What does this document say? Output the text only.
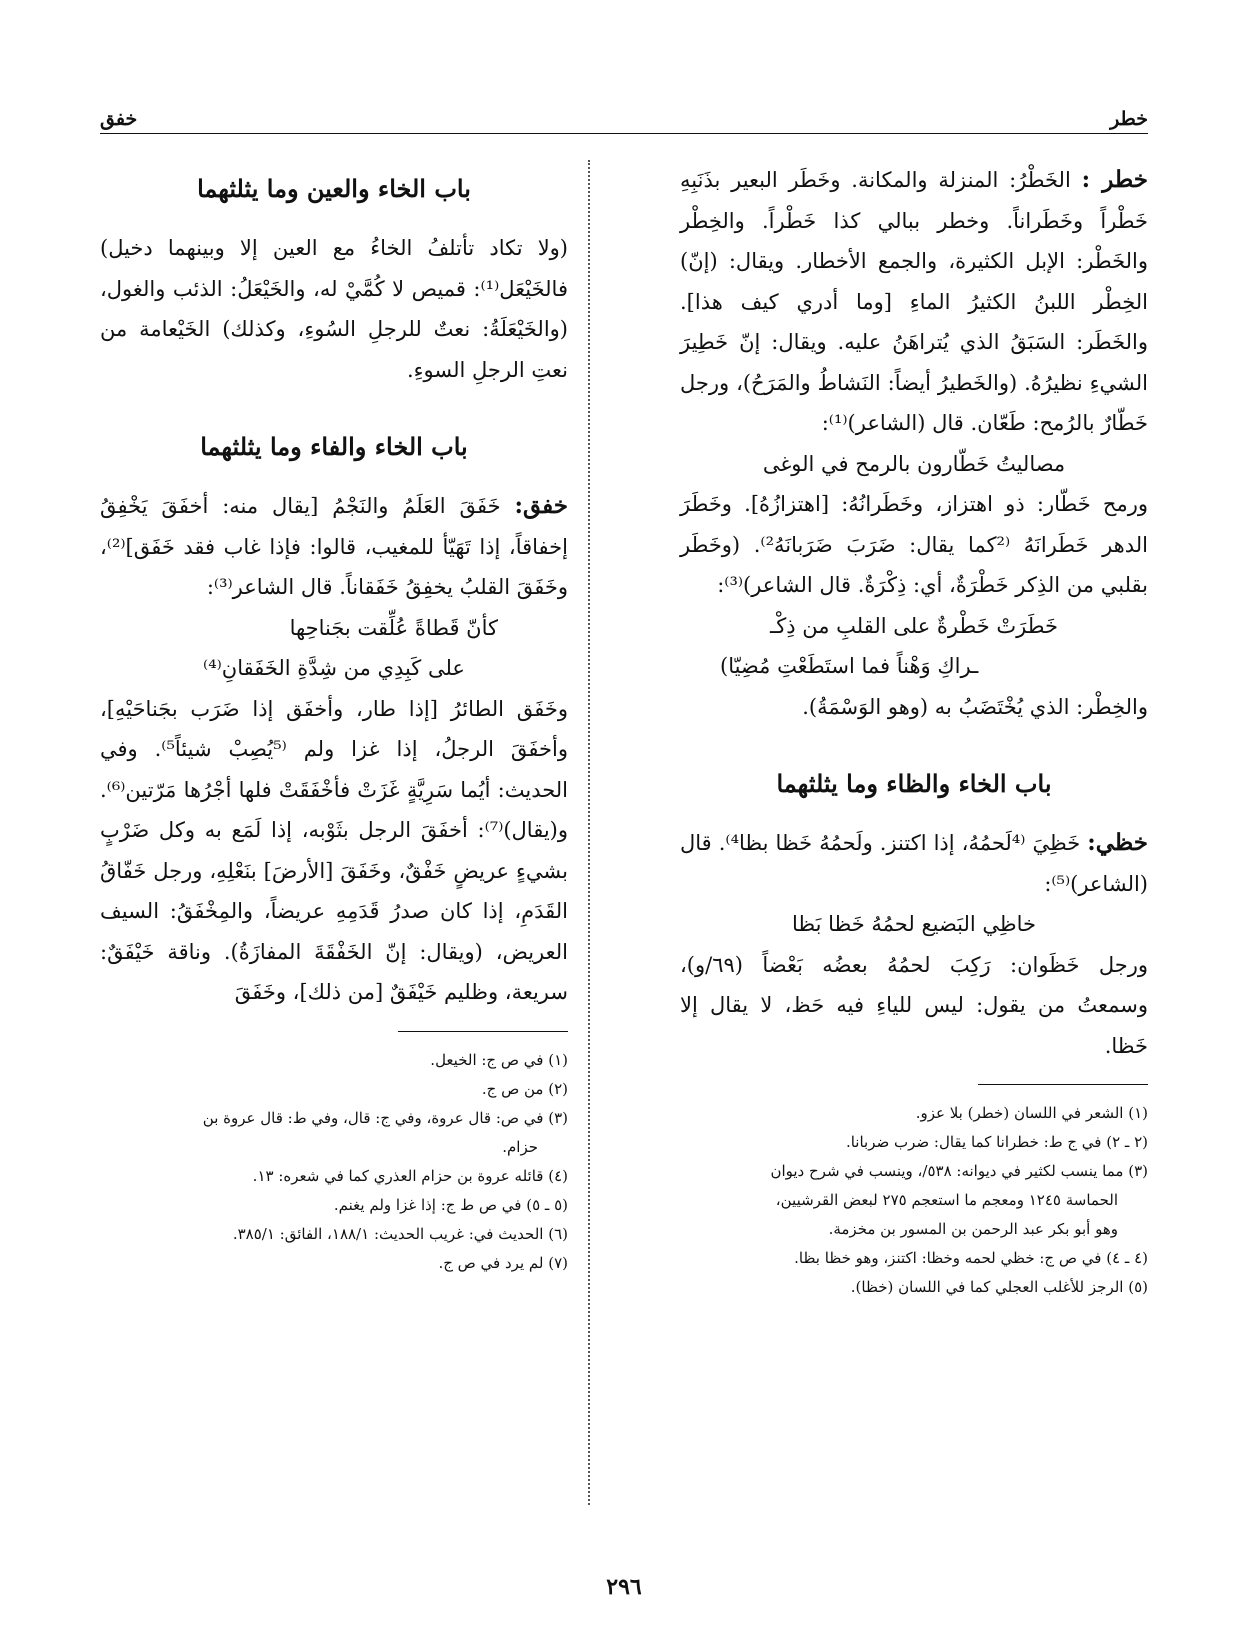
خطر
خفق

خطر : الخَطْرُ: المنزلة والمكانة. وخَطَر البعير بذَنَبِهِ خَطْراً وخَطَراناً. وخطر ببالي كذا خَطْراً. والخِطْر والخَطْر: الإبل الكثيرة، والجمع الأخطار. ويقال: (إنّ) الخِطْر اللبنُ الكثيرُ الماءِ [وما أدري كيف هذا]. والخَطَر: السَبَقُ الذي يُتراهَنُ عليه. ويقال: إنّ خَطِيرَ الشيءِ نظيرُهُ. (والخَطيرُ أيضاً: النَشاطُ والمَرَحُ)، ورجل خَطّارٌ بالرُمح: طَعّان. قال (الشاعر)⁽¹⁾:

مصاليتُ خَطّارون بالرمح في الوغى

ورمح خَطّار: ذو اهتزاز، وخَطَرانُهُ: [اهتزازُهُ]. وخَطَرَ الدهر خَطَرانَهُ ⁽²كما يقال: ضَرَبَ ضَرَبانَهُ²⁾. (وخَطَر بقلبي من الذِكر خَطْرَةٌ، أي: ذِكْرَةٌ. قال الشاعر)⁽³⁾:

خَطَرَتْ خَطْرةٌ على القلبِ من ذِكْـ

ـراكِ وَهْناً فما استَطَعْتِ مُضِيّا)

والخِطْر: الذي يُخْتَضَبُ به (وهو الوَسْمَةُ).

باب الخاء والظاء وما يثلثهما

خظي: خَظِيَ ⁽⁴لَحمُهُ، إذا اكتنز. ولَحمُهُ خَظا بظا⁴⁾. قال (الشاعر)⁽⁵⁾:

خاظِي البَضيع لحمُهُ خَظا بَظا

ورجل خَظَوان: رَكِبَ لحمُهُ بعضُه بَعْضاً (٦٩/و)، وسمعتُ من يقول: ليس للياءِ فيه حَظ، لا يقال إلا خَظا.

(١) الشعر في اللسان (خطر) بلا عزو.

(٢ ـ ٢) في ج ط: خطرانا كما يقال: ضرب ضربانا.

(٣) مما ينسب لكثير في ديوانه: ٥٣٨/، وينسب في شرح ديوان

الحماسة ١٢٤٥ ومعجم ما استعجم ٢٧٥ لبعض القرشيين،

وهو أبو بكر عبد الرحمن بن المسور بن مخزمة.

(٤ ـ ٤) في ص ج: خظي لحمه وخظا: اكتنز، وهو خظا بظا.

(٥) الرجز للأغلب العجلي كما في اللسان (خظا).

باب الخاء والعين وما يثلثهما

(ولا تكاد تأتلفُ الخاءُ مع العين إلا وبينهما دخيل) فالخَيْعَل⁽¹⁾: قميص لا كُمَّيْ له، والخَيْعَلُ: الذئب والغول، (والخَيْعَلَةُ: نعتٌ للرجلِ السُوءِ، وكذلك) الخَيْعامة من نعتِ الرجلِ السوءِ.

باب الخاء والفاء وما يثلثهما

خفق: خَفَقَ العَلَمُ والنَجْمُ [يقال منه: أخفَقَ يَخْفِقُ إخفاقاً، إذا تَهَيّأ للمغيب، قالوا: فإذا غاب فقد خَفَق]⁽²⁾، وخَفَقَ القلبُ يخفِقُ خَفَقاناً. قال الشاعر⁽³⁾:

كأنّ قَطاةً عُلِّقت بجَناحِها

على كَبِدِي من شِدَّةِ الخَفَقانِ⁽⁴⁾

وخَفَق الطائرُ [إذا طار، وأخفَق إذا ضَرَب بجَناحَيْهِ]، وأخفَقَ الرجلُ، إذا غزا ولم ⁽⁵يُصِبْ شيئاً⁵⁾. وفي الحديث: أيُما سَرِيَّةٍ غَزَتْ فأخْفَقَتْ فلها أجْرُها مَرّتين⁽⁶⁾. و(يقال)⁽⁷⁾: أخفَقَ الرجل بثَوْبه، إذا لَمَع به وكل ضَرْبٍ بشيءٍ عريضٍ خَفْقٌ، وخَفَقَ [الأرضَ] بنَعْلِهِ، ورجل خَفّاقُ القَدَمِ، إذا كان صدرُ قَدَمِهِ عريضاً، والمِخْفَقُ: السيف العريض، (ويقال: إنّ الخَفْقَةَ المفازَةُ). وناقة خَيْفَقٌ: سريعة، وظليم خَيْفَقٌ [من ذلك]، وخَفَقَ

(١) في ص ج: الخيعل.

(٢) من ص ج.

(٣) في ص: قال عروة، وفي ج: قال، وفي ط: قال عروة بن

حزام.

(٤) قائله عروة بن حزام العذري كما في شعره: ١٣.

(٥ ـ ٥) في ص ط ج: إذا غزا ولم يغنم.

(٦) الحديث في: غريب الحديث: ١٨٨/١، الفائق: ٣٨٥/١.

(٧) لم يرد في ص ج.

٢٩٦
